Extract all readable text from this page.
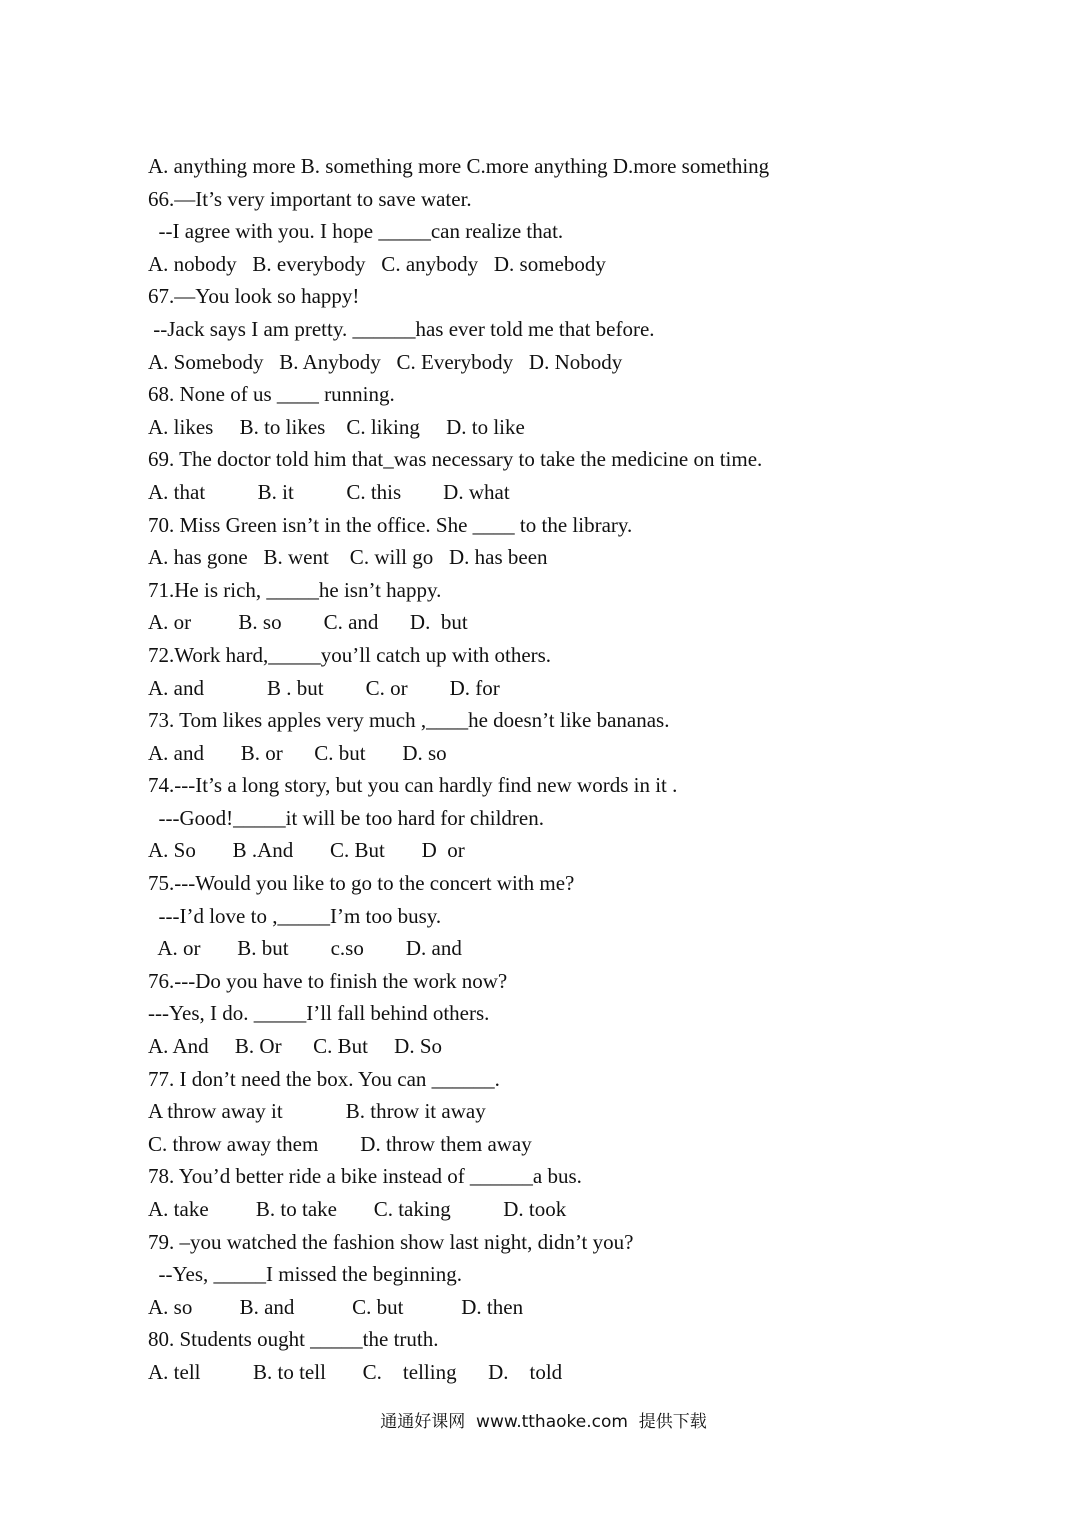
A. anything more B. something more C.more anything D.more something
66.—It’s very important to save water.
--I agree with you. I hope _____can realize that.
A. nobody   B. everybody   C. anybody   D. somebody
67.—You look so happy!
--Jack says I am pretty. ______has ever told me that before.
A. Somebody   B. Anybody   C. Everybody   D. Nobody
68. None of us ____ running.
A. likes     B. to likes    C. liking     D. to like
69. The doctor told him that_was necessary to take the medicine on time.
A. that          B. it          C. this        D. what
70. Miss Green isn’t in the office. She ____ to the library.
A. has gone   B. went    C. will go   D. has been
71.He is rich, _____he isn’t happy.
A. or         B. so        C. and      D.  but
72.Work hard,_____you’ll catch up with others.
A. and            B . but        C. or        D. for
73. Tom likes apples very much ,____he doesn’t like bananas.
A. and       B. or      C. but       D. so
74.---It’s a long story, but you can hardly find new words in it .
---Good!_____it will be too hard for children.
A. So       B .And       C. But       D  or
75.---Would you like to go to the concert with me?
---I’d love to ,_____I’m too busy.
A. or       B. but        c.so        D. and
76.---Do you have to finish the work now?
---Yes, I do. _____I’ll fall behind others.
A. And     B. Or      C. But     D. So
77. I don’t need the box. You can ______.
A throw away it            B. throw it away
C. throw away them        D. throw them away
78. You’d better ride a bike instead of ______a bus.
A. take         B. to take       C. taking          D. took
79. –you watched the fashion show last night, didn’t you?
--Yes, _____I missed the beginning.
A. so         B. and           C. but           D. then
80. Students ought _____the truth.
A. tell          B. to tell       C.    telling      D.    told
通通好课网  www.tthaoke.com  提供下载
